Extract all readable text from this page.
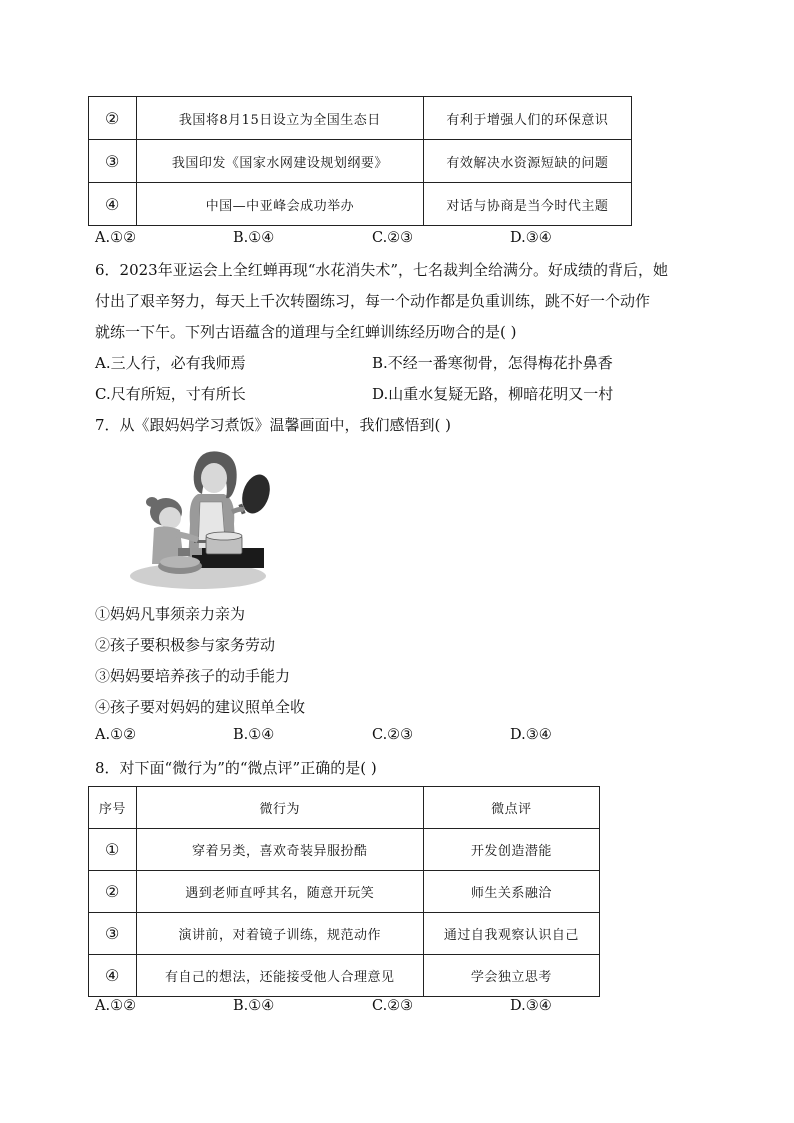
②	我国将8月15日设立为全国生态日	有利于增强人们的环保意识
③	我国印发《国家水网建设规划纲要》	有效解决水资源短缺的问题
④	中国—中亚峰会成功举办	对话与协商是当今时代主题
A.①②	B.①④	C.②③	D.③④
6．2023年亚运会上全红蝉再现“水花消失术”，七名裁判全给满分。好成绩的背后，她
付出了艰辛努力，每天上千次转圈练习，每一个动作都是负重训练，跳不好一个动作
就练一下午。下列古语蕴含的道理与全红蝉训练经历吻合的是( )
A.三人行，必有我师焉	B.不经一番寒彻骨，怎得梅花扑鼻香
C.尺有所短，寸有所长	D.山重水复疑无路，柳暗花明又一村
7．从《跟妈妈学习煮饭》温馨画面中，我们感悟到( )
①妈妈凡事须亲力亲为
②孩子要积极参与家务劳动
③妈妈要培养孩子的动手能力
④孩子要对妈妈的建议照单全收
A.①②	B.①④	C.②③	D.③④
8．对下面“微行为”的“微点评”正确的是( )
序号	微行为	微点评
①	穿着另类，喜欢奇装异服扮酷	开发创造潜能
②	遇到老师直呼其名，随意开玩笑	师生关系融洽
③	演讲前，对着镜子训练，规范动作	通过自我观察认识自己
④	有自己的想法，还能接受他人合理意见	学会独立思考
A.①②	B.①④	C.②③	D.③④
